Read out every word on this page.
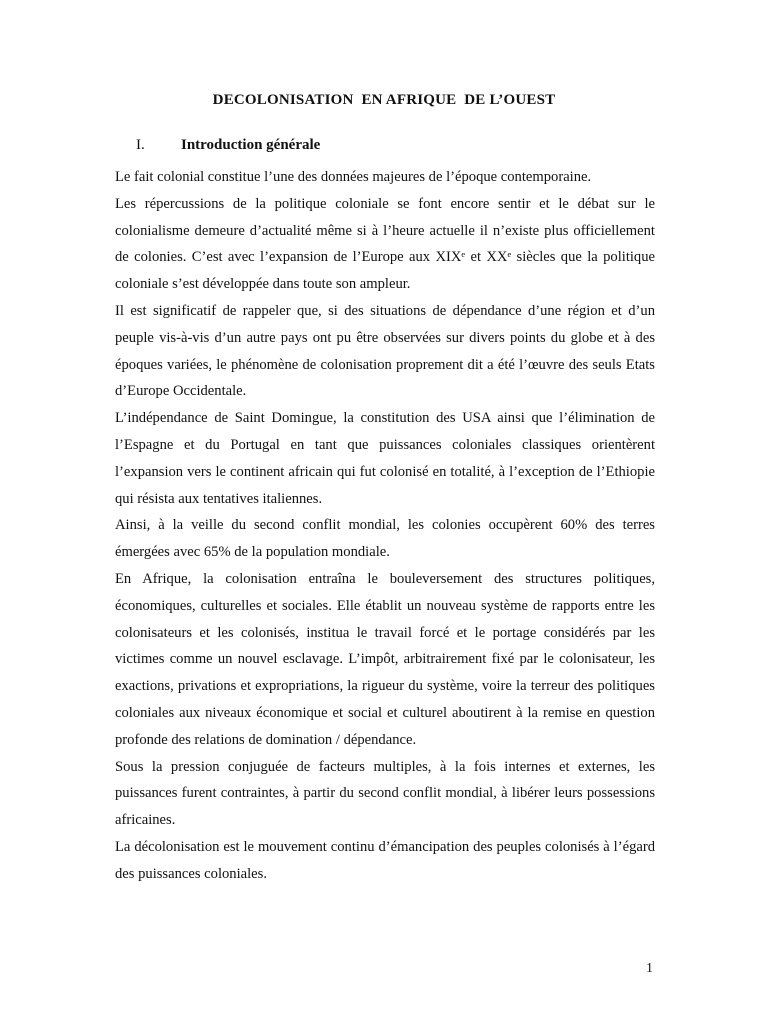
DECOLONISATION  EN AFRIQUE  DE L’OUEST
I. Introduction générale

Le fait colonial constitue l’une des données majeures de l’époque contemporaine.

Les répercussions de la politique coloniale se font encore sentir et le débat sur le colonialisme demeure d’actualité même si à l’heure actuelle il n’existe plus officiellement de colonies. C’est avec l’expansion de l’Europe aux XIXᵉ et XXᵉ siècles que la politique coloniale s’est développée dans toute son ampleur.

Il est significatif de rappeler que, si des situations de dépendance d’une région et d’un peuple vis-à-vis d’un autre pays ont pu être observées sur divers points du globe et à des époques variées, le phénomène de colonisation proprement dit a été l’œuvre des seuls Etats d’Europe Occidentale.

L’indépendance de Saint Domingue, la constitution des USA ainsi que l’élimination de l’Espagne et du Portugal en tant que puissances coloniales classiques orientèrent l’expansion vers le continent africain qui fut colonisé en totalité, à l’exception de l’Ethiopie qui résista aux tentatives italiennes.

Ainsi, à la veille du second conflit mondial, les colonies occupèrent 60% des terres émergées avec 65% de la population mondiale.

En Afrique, la colonisation entraîna le bouleversement des structures politiques, économiques, culturelles et sociales. Elle établit un nouveau système de rapports entre les colonisateurs et les colonisés, institua le travail forcé et le portage considérés par les victimes comme un nouvel esclavage. L’impôt, arbitrairement fixé par le colonisateur, les exactions, privations et expropriations, la rigueur du système, voire la terreur des politiques coloniales aux niveaux économique et social et culturel aboutirent à la remise en question profonde des relations de domination / dépendance.

Sous la pression conjuguée de facteurs multiples, à la fois internes et externes, les puissances furent contraintes, à partir du second conflit mondial, à libérer leurs possessions africaines.

La décolonisation est le mouvement continu d’émancipation des peuples colonisés à l’égard des puissances coloniales.

1
